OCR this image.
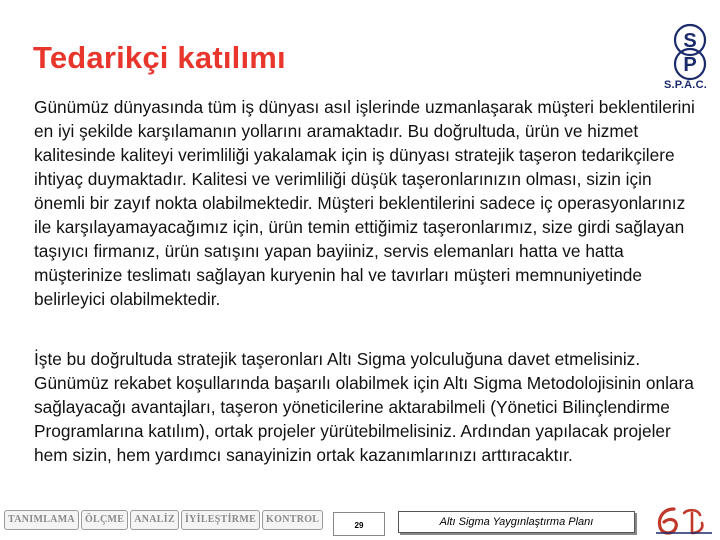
Tedarikçi katılımı	S
P
S.P.A.C.

Günümüz dünyasında tüm iş dünyası asıl işlerinde uzmanlaşarak müşteri beklentilerini en iyi şekilde karşılamanın yollarını aramaktadır. Bu doğrultuda, ürün ve hizmet kalitesinde kaliteyi verimliliği yakalamak için iş dünyası stratejik taşeron tedarikçilere ihtiyaç duymaktadır. Kalitesi ve verimliliği düşük taşeronlarınızın olması, sizin için önemli bir zayıf nokta olabilmektedir. Müşteri beklentilerini sadece iç operasyonlarınız ile karşılayamayacağımız için, ürün temin ettiğimiz taşeronlarımız, size girdi sağlayan taşıyıcı firmanız, ürün satışını yapan bayiiniz, servis elemanları hatta ve hatta müşterinize teslimatı sağlayan kuryenin hal ve tavırları müşteri memnuniyetinde belirleyici olabilmektedir.

İşte bu doğrultuda stratejik taşeronları Altı Sigma yolculuğuna davet etmelisiniz. Günümüz rekabet koşullarında başarılı olabilmek için Altı Sigma Metodolojisinin onlara sağlayacağı avantajları, taşeron yöneticilerine aktarabilmeli (Yönetici Bilinçlendirme Programlarına katılım), ortak projeler yürütebilmelisiniz. Ardından yapılacak projeler hem sizin, hem yardımcı sanayinizin ortak kazanımlarınızı arttıracaktır.

TANIMLAMA	ÖLÇME	ANALİZ	İYİLEŞTİRME	KONTROL
29	Altı Sigma Yaygınlaştırma Planı
